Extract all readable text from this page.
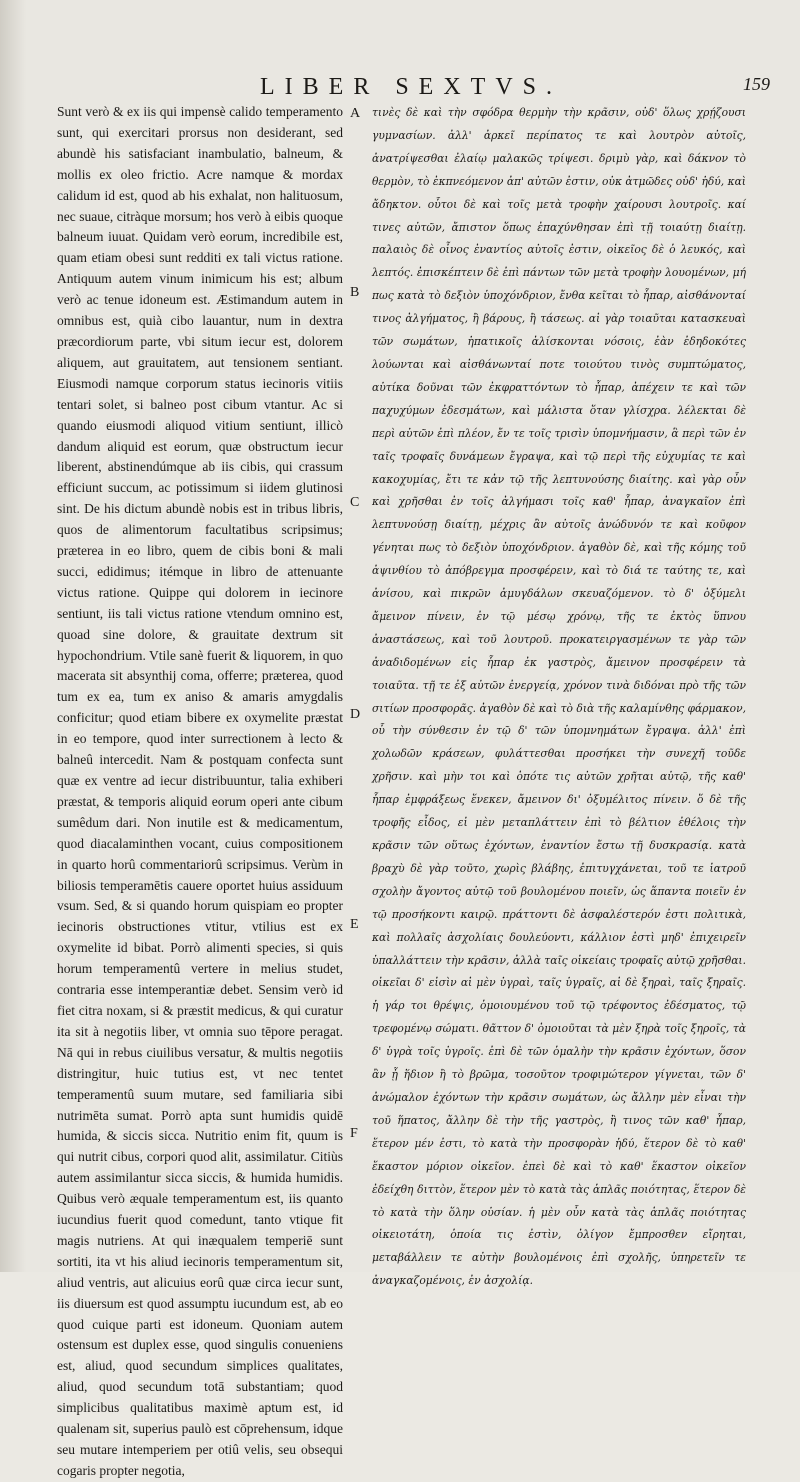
LIBER SEXTVS.	159

Sunt verò & ex iis qui impensè calido temperamento sunt, qui exercitari prorsus non desiderant, sed abundè his satisfaciant inambulatio, balneum, & mollis ex oleo frictio. Acre namque & mordax calidum id est, quod ab his exhalat, non halituosum, nec suaue, citràque morsum; hos verò à eibis quoque balneum iuuat. Quidam verò eorum, incredibile est, quam etiam obesi sunt redditi ex tali victus ratione. Antiquum autem vinum inimicum his est; album verò ac tenue idoneum est. Æstimandum autem in omnibus est, quià cibo lauantur, num in dextra præcordiorum parte, vbi situm iecur est, dolorem aliquem, aut grauitatem, aut tensionem sentiant. Eiusmodi namque corporum status iecinoris vitiis tentari solet, si balneo post cibum vtantur. Ac si quando eiusmodi aliquod vitium sentiunt, illicò dandum aliquid est eorum, quæ obstructum iecur liberent, abstinendúmque ab iis cibis, qui crassum efficiunt succum, ac potissimum si iidem glutinosi sint. De his dictum abundè nobis est in tribus libris, quos de alimentorum facultatibus scripsimus; præterea in eo libro, quem de cibis boni & mali succi, edidimus; itémque in libro de attenuante victus ratione. Quippe qui dolorem in iecinore sentiunt, iis tali victus ratione vtendum omnino est, quoad sine dolore, & grauitate dextrum sit hypochondrium. Vtile sanè fuerit & liquorem, in quo macerata sit absynthij coma, offerre; præterea, quod tum ex ea, tum ex aniso & amaris amygdalis conficitur; quod etiam bibere ex oxymelite præstat in eo tempore, quod inter surrectionem à lecto & balneû intercedit. Nam & postquam confecta sunt quæ ex ventre ad iecur distribuuntur, talia exhiberi præstat, & temporis aliquid eorum operi ante cibum sumêdum dari. Non inutile est & medicamentum, quod diacalaminthen vocant, cuius compositionem in quarto horû commentariorû scripsimus. Verùm in biliosis temperamētis cauere oportet huius assiduum vsum. Sed, & si quando horum quispiam eo propter iecinoris obstructiones vtitur, vtilius est ex oxymelite id bibat. Porrò alimenti species, si quis horum temperamentû vertere in melius studet, contraria esse intemperantiæ debet. Sensim verò id fiet citra noxam, si & præstit medicus, & qui curatur ita sit à negotiis liber, vt omnia suo tēpore peragat. Nā qui in rebus ciuilibus versatur, & multis negotiis distringitur, huic tutius est, vt nec tentet temperamentû suum mutare, sed familiaria sibi nutrimēta sumat. Porrò apta sunt humidis quidē humida, & siccis sicca. Nutritio enim fit, quum is qui nutrit cibus, corpori quod alit, assimilatur. Citiùs autem assimilantur sicca siccis, & humida humidis. Quibus verò æquale temperamentum est, iis quanto iucundius fuerit quod comedunt, tanto vtique fit magis nutriens. At qui inæqualem temperiē sunt sortiti, ita vt his aliud iecinoris temperamentum sit, aliud ventris, aut alicuius eorû quæ circa iecur sunt, iis diuersum est quod assumptu iucundum est, ab eo quod cuique parti est idoneum. Quoniam autem ostensum est duplex esse, quod singulis conueniens est, aliud, quod secundum simplices qualitates, aliud, quod secundum totā substantiam; quod simplicibus qualitatibus maximè aptum est, id qualenam sit, superius paulò est cōprehensum, idque seu mutare intemperiem per otiû velis, seu obsequi cogaris propter negotia,

A
B
C
D
E
F

τινὲς δὲ καὶ τὴν σφόδρα θερμὴν τὴν κρᾶσιν, οὐδ' ὅλως χρῄζουσι γυμνασίων. ἀλλ' ἀρκεῖ περίπατος τε καὶ λουτρὸν αὐτοῖς, ἀνατρίψεσθαι ἐλαίῳ μαλακῶς τρίψεσι. δριμὺ γὰρ, καὶ δάκνον τὸ θερμὸν, τὸ ἐκπνεόμενον ἀπ' αὐτῶν ἐστιν, οὐκ ἀτμῶδες οὐδ' ἡδύ, καὶ ἄδηκτον. οὗτοι δὲ καὶ τοῖς μετὰ τροφὴν χαίρουσι λουτροῖς. καί τινες αὐτῶν, ἄπιστον ὅπως ἐπαχύνθησαν ἐπὶ τῇ τοιαύτῃ διαίτῃ. παλαιὸς δὲ οἶνος ἐναντίος αὐτοῖς ἐστιν, οἰκεῖος δὲ ὁ λευκός, καὶ λεπτός. ἐπισκέπτειν δὲ ἐπὶ πάντων τῶν μετὰ τροφὴν λουομένων, μή πως κατὰ τὸ δεξιὸν ὑποχόνδριον, ἔνθα κεῖται τὸ ἧπαρ, αἰσθάνονταί τινος ἀλγήματος, ἢ βάρους, ἢ τάσεως. αἱ γὰρ τοιαῦται κατασκευαὶ τῶν σωμάτων, ἡπατικοῖς ἁλίσκονται νόσοις, ἐὰν ἐδηδοκότες λούωνται καὶ αἰσθάνωνταί ποτε τοιούτου τινὸς συμπτώματος, αὐτίκα δοῦναι τῶν ἐκφραττόντων τὸ ἧπαρ, ἀπέχειν τε καὶ τῶν παχυχύμων ἐδεσμάτων, καὶ μάλιστα ὅταν γλίσχρα. λέλεκται δὲ περὶ αὐτῶν ἐπὶ πλέον, ἔν τε τοῖς τρισὶν ὑπομνήμασιν, ἃ περὶ τῶν ἐν ταῖς τροφαῖς δυνάμεων ἔγραψα, καὶ τῷ περὶ τῆς εὐχυμίας τε καὶ κακοχυμίας, ἔτι τε κἀν τῷ τῆς λεπτυνούσης διαίτης. καὶ γὰρ οὖν καὶ χρῆσθαι ἐν τοῖς ἀλγήμασι τοῖς καθ' ἧπαρ, ἀναγκαῖον ἐπὶ λεπτυνούσῃ διαίτῃ, μέχρις ἂν αὐτοῖς ἀνώδυνόν τε καὶ κοῦφον γένηται πως τὸ δεξιὸν ὑποχόνδριον. ἀγαθὸν δὲ, καὶ τῆς κόμης τοῦ ἀψινθίου τὸ ἀπόβρεγμα προσφέρειν, καὶ τὸ διά τε ταύτης τε, καὶ ἀνίσου, καὶ πικρῶν ἀμυγδάλων σκευαζόμενον. τὸ δ' ὀξύμελι ἄμεινον πίνειν, ἐν τῷ μέσῳ χρόνῳ, τῆς τε ἐκτὸς ὕπνου ἀναστάσεως, καὶ τοῦ λουτροῦ. προκατειργασμένων τε γὰρ τῶν ἀναδιδομένων εἰς ἧπαρ ἐκ γαστρὸς, ἄμεινον προσφέρειν τὰ τοιαῦτα. τῇ τε ἐξ αὐτῶν ἐνεργείᾳ, χρόνον τινὰ διδόναι πρὸ τῆς τῶν σιτίων προσφορᾶς. ἀγαθὸν δὲ καὶ τὸ διὰ τῆς καλαμίνθης φάρμακον, οὗ τὴν σύνθεσιν ἐν τῷ δ' τῶν ὑπομνημάτων ἔγραψα. ἀλλ' ἐπὶ χολωδῶν κράσεων, φυλάττεσθαι προσήκει τὴν συνεχῆ τοῦδε χρῆσιν. καὶ μὴν τοι καὶ ὁπότε τις αὐτῶν χρῆται αὐτῷ, τῆς καθ' ἧπαρ ἐμφράξεως ἕνεκεν, ἄμεινον δι' ὀξυμέλιτος πίνειν. ὅ δὲ τῆς τροφῆς εἶδος, εἰ μὲν μεταπλάττειν ἐπὶ τὸ βέλτιον ἐθέλοις τὴν κρᾶσιν τῶν οὕτως ἐχόντων, ἐναντίον ἔστω τῇ δυσκρασίᾳ. κατὰ βραχὺ δὲ γὰρ τοῦτο, χωρὶς βλάβης, ἐπιτυγχάνεται, τοῦ τε ἰατροῦ σχολὴν ἄγοντος αὐτῷ τοῦ βουλομένου ποιεῖν, ὡς ἅπαντα ποιεῖν ἐν τῷ προσήκοντι καιρῷ. πράττοντι δὲ ἀσφαλέστερόν ἐστι πολιτικὰ, καὶ πολλαῖς ἀσχολίαις δουλεύοντι, κάλλιον ἐστὶ μηδ' ἐπιχειρεῖν ὑπαλλάττειν τὴν κρᾶσιν, ἀλλὰ ταῖς οἰκείαις τροφαῖς αὐτῷ χρῆσθαι. οἰκεῖαι δ' εἰσὶν αἱ μὲν ὑγραὶ, ταῖς ὑγραῖς, αἱ δὲ ξηραὶ, ταῖς ξηραῖς. ἡ γάρ τοι θρέψις, ὁμοιουμένου τοῦ τῷ τρέφοντος ἐδέσματος, τῷ τρεφομένῳ σώματι. θᾶττον δ' ὁμοιοῦται τὰ μὲν ξηρὰ τοῖς ξηροῖς, τὰ δ' ὑγρὰ τοῖς ὑγροῖς. ἐπὶ δὲ τῶν ὁμαλὴν τὴν κρᾶσιν ἐχόντων, ὅσον ἂν ᾖ ἥδιον ἢ τὸ βρῶμα, τοσοῦτον τροφιμώτερον γίγνεται, τῶν δ' ἀνώμαλον ἐχόντων τὴν κρᾶσιν σωμάτων, ὡς ἄλλην μὲν εἶναι τὴν τοῦ ἥπατος, ἄλλην δὲ τὴν τῆς γαστρὸς, ἢ τινος τῶν καθ' ἧπαρ, ἕτερον μέν ἐστι, τὸ κατὰ τὴν προσφορὰν ἡδύ, ἕτερον δὲ τὸ καθ' ἕκαστον μόριον οἰκεῖον. ἐπεὶ δὲ καὶ τὸ καθ' ἕκαστον οἰκεῖον ἐδείχθη διττὸν, ἕτερον μὲν τὸ κατὰ τὰς ἁπλᾶς ποιότητας, ἕτερον δὲ τὸ κατὰ τὴν ὅλην οὐσίαν. ἡ μὲν οὖν κατὰ τὰς ἁπλᾶς ποιότητας οἰκειοτάτη, ὁποία τις ἐστὶν, ὀλίγον ἔμπροσθεν εἴρηται, μεταβάλλειν τε αὐτὴν βουλομένοις ἐπὶ σχολῆς, ὑπηρετεῖν τε ἀναγκαζομένοις, ἐν ἀσχολίᾳ.
